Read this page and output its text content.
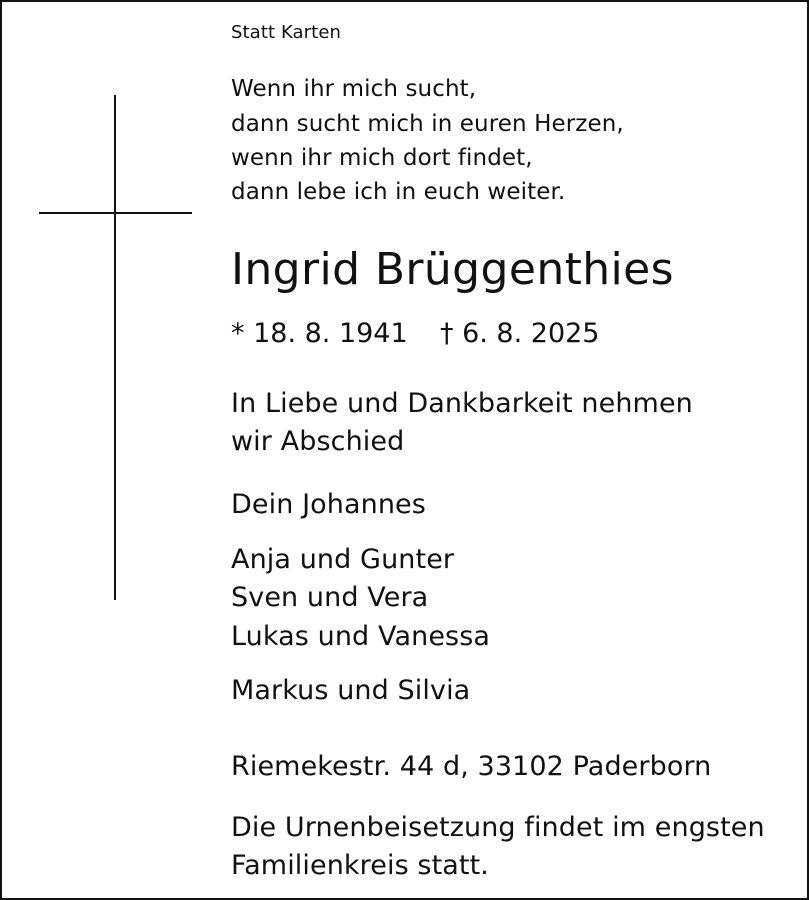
Statt Karten
Wenn ihr mich sucht,
dann sucht mich in euren Herzen,
wenn ihr mich dort findet,
dann lebe ich in euch weiter.
Ingrid Brüggenthies
* 18. 8. 1941 † 6. 8. 2025
In Liebe und Dankbarkeit nehmen
wir Abschied
Dein Johannes
Anja und Gunter
Sven und Vera
Lukas und Vanessa
Markus und Silvia
Riemekestr. 44 d, 33102 Paderborn
Die Urnenbeisetzung findet im engsten
Familienkreis statt.
